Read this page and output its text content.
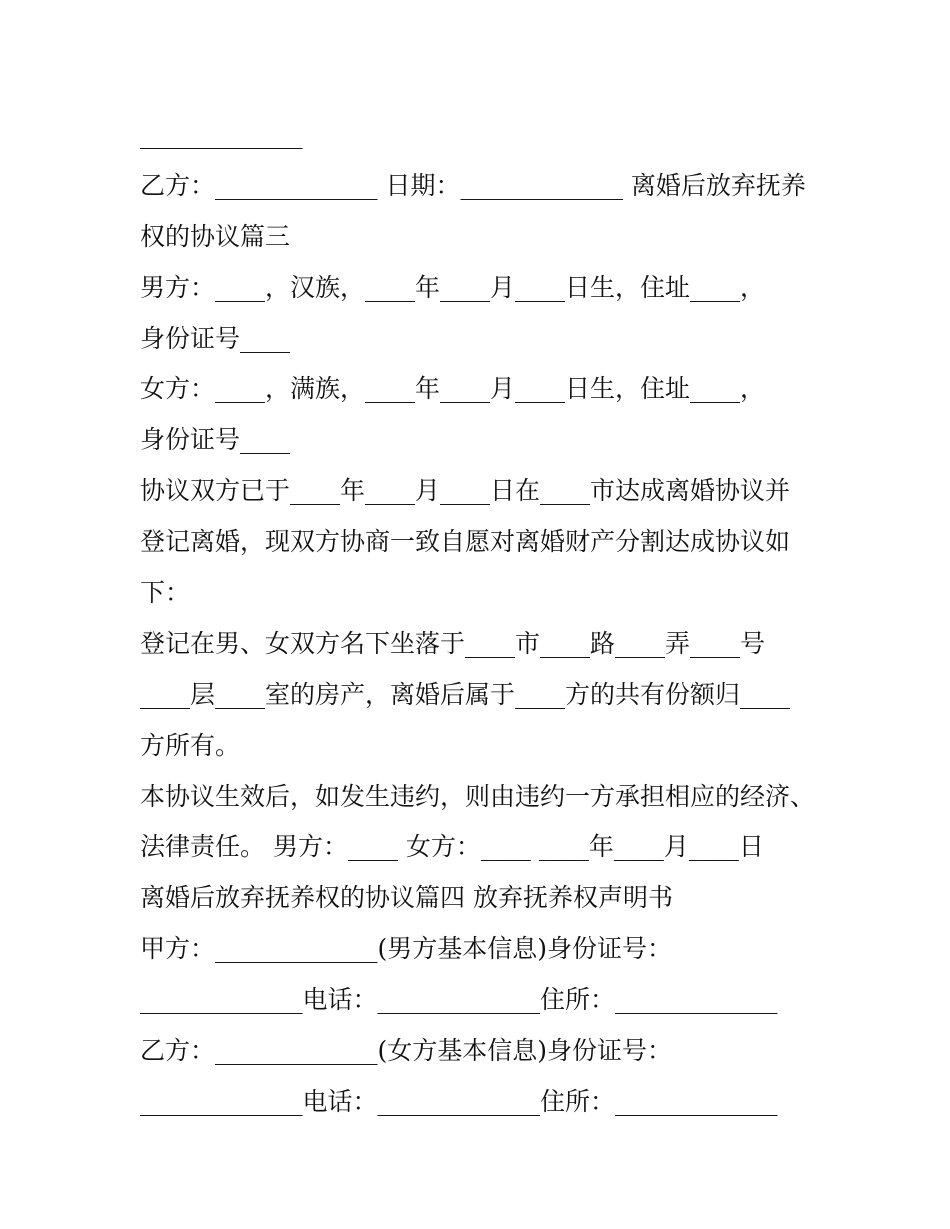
_____________
乙方：_____________ 日期：_____________ 离婚后放弃抚养
权的协议篇三
男方：____，汉族，____年____月____日生，住址____，
身份证号____
女方：____，满族，____年____月____日生，住址____，
身份证号____
协议双方已于____年____月____日在____市达成离婚协议并
登记离婚，现双方协商一致自愿对离婚财产分割达成协议如
下：
登记在男、女双方名下坐落于____市____路____弄____号
____层____室的房产，离婚后属于____方的共有份额归____
方所有。
本协议生效后，如发生违约，则由违约一方承担相应的经济、
法律责任。 男方：____ 女方：____ ____年____月____日
离婚后放弃抚养权的协议篇四 放弃抚养权声明书
甲方：_____________(男方基本信息)身份证号：
_____________电话：_____________住所：_____________
乙方：_____________(女方基本信息)身份证号：
_____________电话：_____________住所：_____________
